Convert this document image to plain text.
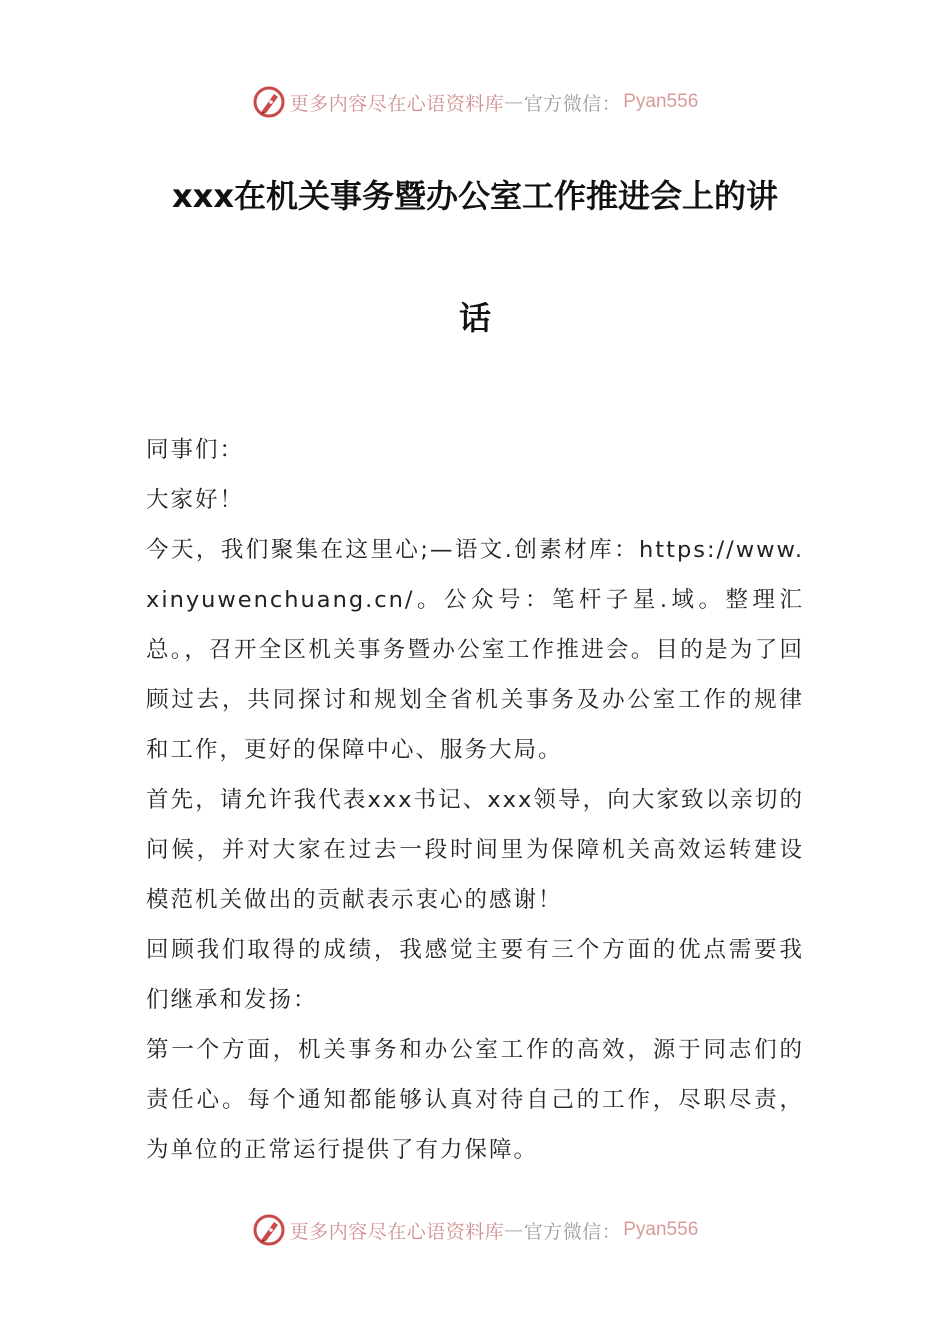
更多内容尽在心语资料库 — 官方微信： Pyan556
xxx在机关事务暨办公室工作推进会上的讲
话

同事们：

大家好！

今天，我们聚集在这里心;—语文.创素材库：https://www.xinyuwenchuang.cn/。公众号：笔杆子星.域。整理汇总。，召开全区机关事务暨办公室工作推进会。目的是为了回顾过去，共同探讨和规划全省机关事务及办公室工作的规律和工作，更好的保障中心、服务大局。

首先，请允许我代表xxx书记、xxx领导，向大家致以亲切的问候，并对大家在过去一段时间里为保障机关高效运转建设模范机关做出的贡献表示衷心的感谢！

回顾我们取得的成绩，我感觉主要有三个方面的优点需要我们继承和发扬：

第一个方面，机关事务和办公室工作的高效，源于同志们的责任心。每个通知都能够认真对待自己的工作，尽职尽责，为单位的正常运行提供了有力保障。

更多内容尽在心语资料库 — 官方微信： Pyan556
